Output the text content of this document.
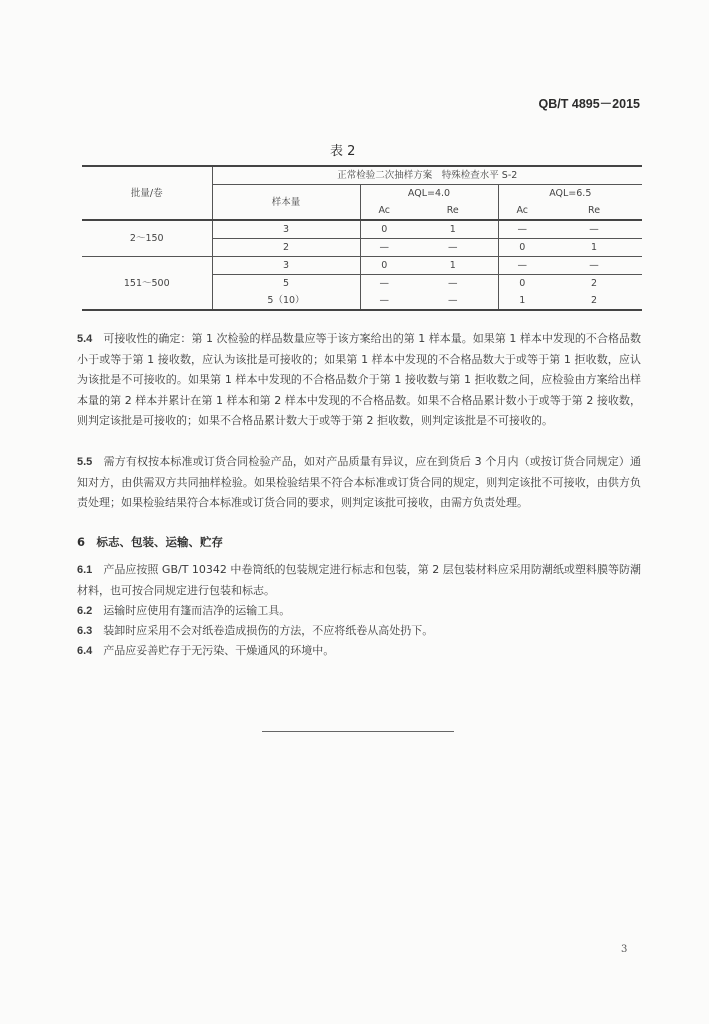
QB/T 4895－2015
表 2
批量/卷	正常检验二次抽样方案　特殊检查水平 S-2				
	样本量	AQL=4.0		AQL=6.5	
		Ac	Re	Ac	Re
2～150	3	0	1	—	—
	2	—	—	0	1
151～500	3	0	1	—	—
	5	—	—	0	2
	5（10）	—	—	1	2

5.4　 可接收性的确定：第 1 次检验的样品数量应等于该方案给出的第 1 样本量。如果第 1 样本中发现的不合格品数小于或等于第 1 接收数，应认为该批是可接收的；如果第 1 样本中发现的不合格品数大于或等于第 1 拒收数，应认为该批是不可接收的。如果第 1 样本中发现的不合格品数介于第 1 接收数与第 1 拒收数之间，应检验由方案给出样本量的第 2 样本并累计在第 1 样本和第 2 样本中发现的不合格品数。如果不合格品累计数小于或等于第 2 接收数，则判定该批是可接收的；如果不合格品累计数大于或等于第 2 拒收数，则判定该批是不可接收的。

5.5　 需方有权按本标准或订货合同检验产品，如对产品质量有异议，应在到货后 3 个月内（或按订货合同规定）通知对方，由供需双方共同抽样检验。如果检验结果不符合本标准或订货合同的规定，则判定该批不可接收，由供方负责处理；如果检验结果符合本标准或订货合同的要求，则判定该批可接收，由需方负责处理。

6　标志、包装、运输、贮存

6.1　 产品应按照 GB/T 10342 中卷筒纸的包装规定进行标志和包装，第 2 层包装材料应采用防潮纸或塑料膜等防潮材料，也可按合同规定进行包装和标志。

6.2　 运输时应使用有篷而洁净的运输工具。

6.3　 装卸时应采用不会对纸卷造成损伤的方法，不应将纸卷从高处扔下。

6.4　 产品应妥善贮存于无污染、干燥通风的环境中。

3
